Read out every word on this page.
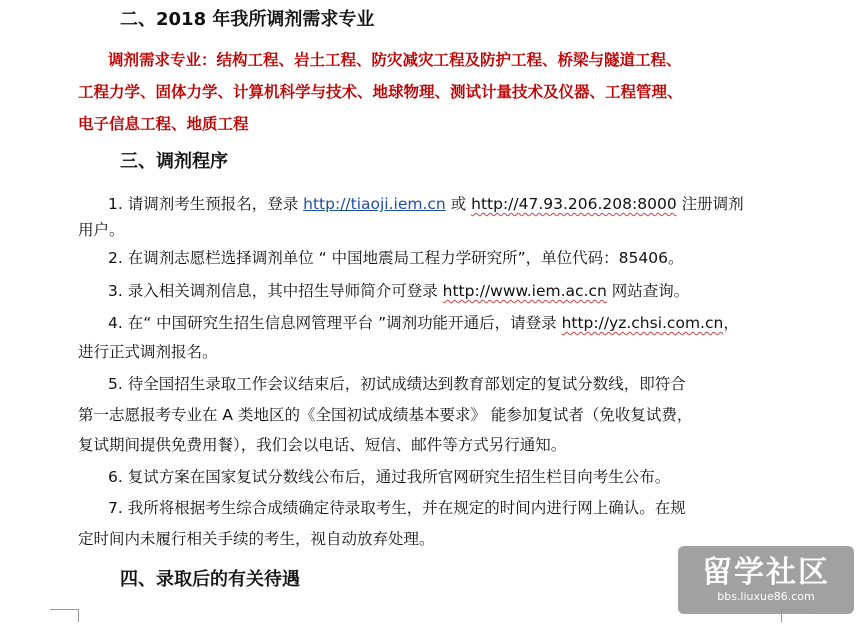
二、2018 年我所调剂需求专业

调剂需求专业：结构工程、岩土工程、防灾减灾工程及防护工程、桥梁与隧道工程、

工程力学、固体力学、计算机科学与技术、地球物理、测试计量技术及仪器、工程管理、

电子信息工程、地质工程

三、调剂程序
1. 请调剂考生预报名，登录 http://tiaoji.iem.cn 或 http://47.93.206.208:8000 注册调剂
用户。
2. 在调剂志愿栏选择调剂单位 “ 中国地震局工程力学研究所”，单位代码：85406。
3. 录入相关调剂信息，其中招生导师简介可登录 http://www.iem.ac.cn 网站查询。
4. 在“ 中国研究生招生信息网管理平台 ”调剂功能开通后，请登录 http://yz.chsi.com.cn，
进行正式调剂报名。
5. 待全国招生录取工作会议结束后，初试成绩达到教育部划定的复试分数线，即符合
第一志愿报考专业在 A 类地区的《全国初试成绩基本要求》 能参加复试者（免收复试费，
复试期间提供免费用餐），我们会以电话、短信、邮件等方式另行通知。
6. 复试方案在国家复试分数线公布后，通过我所官网研究生招生栏目向考生公布。
7. 我所将根据考生综合成绩确定待录取考生，并在规定的时间内进行网上确认。在规
定时间内未履行相关手续的考生，视自动放弃处理。
四、录取后的有关待遇	留学社区
bbs.liuxue86.com
